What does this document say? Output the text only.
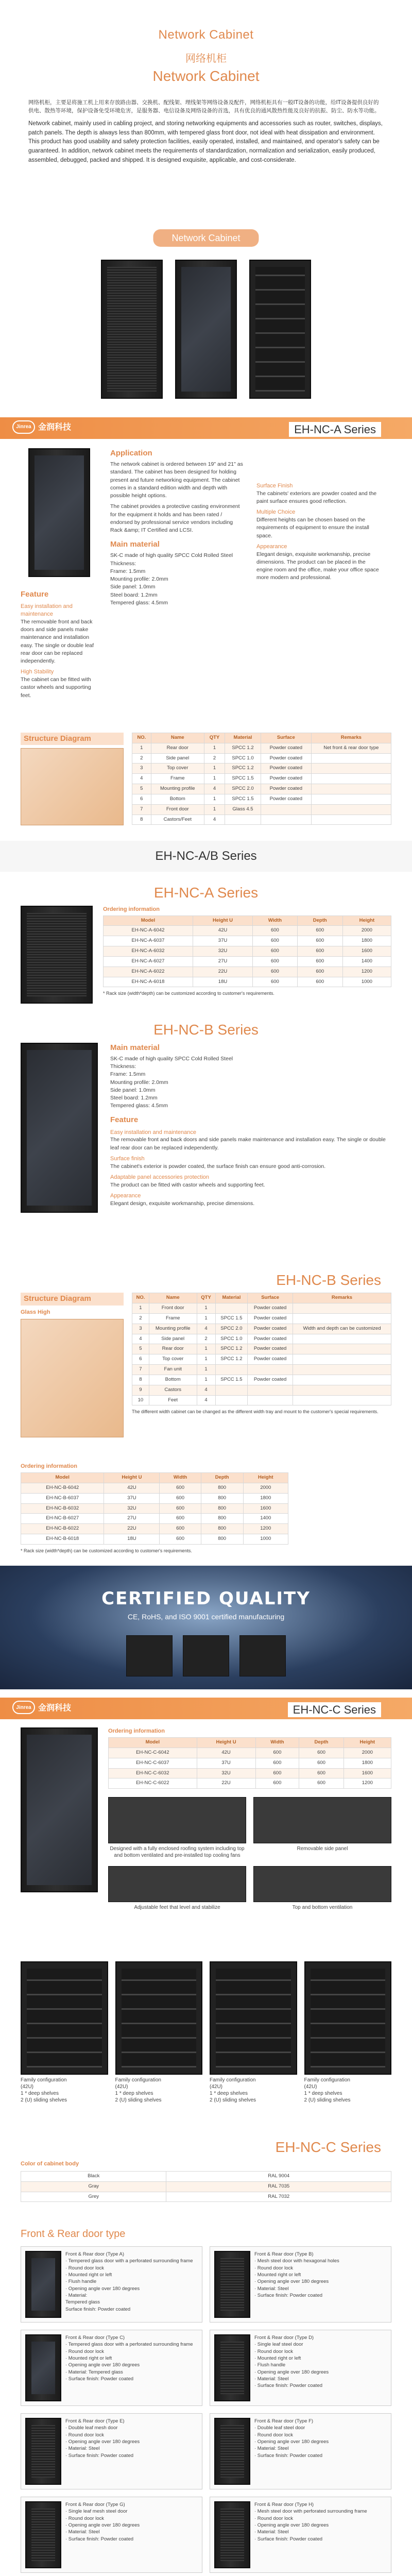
Network Cabinet
网络机柜
Network Cabinet

网络机柜，主要是将施工机上用来存放路由器、交换机、配线架、理线架等网络设备及配件，网络机柜具有一般IT设备的功能，给IT设备提供良好的供电、散热等环境，保护设备免受环境危害，是服务器、电信设备及网络设备的首选，具有优良的通风散热性能及良好的抗振、防尘、防水等功能。

Network cabinet, mainly used in cabling project, and storing networking equipments and accessories such as router, switches, displays, patch panels. The depth is always less than 800mm, with tempered glass front door, not ideal with heat dissipation and environment. This product has good usability and safety protection facilities, easily operated, installed, and maintained, and operator's safety can be guaranteed. In addition, network cabinet meets the requirements of standardization, normalization and serialization, easily produced, assembled, debugged, packed and shipped. It is designed exquisite, applicable, and cost-considerate.

Network Cabinet
Jinrea 金润科技	EH-NC-A Series
Feature
Easy installation and maintenance
The removable front and back doors and side panels make maintenance and installation easy. The single or double leaf rear door can be replaced independently.
High Stability
The cabinet can be fitted with castor wheels and supporting feet.
Application

The network cabinet is ordered between 19" and 21" as standard. The cabinet has been designed for holding present and future networking equipment. The cabinet comes in a standard edition width and depth with possible height options.

The cabinet provides a protective casting environment for the equipment it holds and has been rated / endorsed by professional service vendors including Rack &amp; IT Certified and LCSI.

Main material

SK-C made of high quality SPCC Cold Rolled Steel
Thickness:
Frame: 1.5mm
Mounting profile: 2.0mm
Side panel: 1.0mm
Steel board: 1.2mm
Tempered glass: 4.5mm

Surface Finish

The cabinets' exteriors are powder coated and the paint surface ensures good reflection.

Multiple Choice

Different heights can be chosen based on the requirements of equipment to ensure the install space.

Appearance

Elegant design, exquisite workmanship, precise dimensions. The product can be placed in the engine room and the office, make your office space more modern and professional.

Structure Diagram	NO.	Name	QTY	Material	Surface	Remarks
1	Rear door	1	SPCC 1.2	Powder coated	Net front & rear door type
2	Side panel	2	SPCC 1.0	Powder coated	
3	Top cover	1	SPCC 1.2	Powder coated	
4	Frame	1	SPCC 1.5	Powder coated	
5	Mounting profile	4	SPCC 2.0	Powder coated	
6	Bottom	1	SPCC 1.5	Powder coated	
7	Front door	1	Glass 4.5		
8	Castors/Feet	4			
EH-NC-A/B Series
EH-NC-A Series
Ordering information
Model	Height U	Width	Depth	Height
EH-NC-A-6042	42U	600	600	2000
EH-NC-A-6037	37U	600	600	1800
EH-NC-A-6032	32U	600	600	1600
EH-NC-A-6027	27U	600	600	1400
EH-NC-A-6022	22U	600	600	1200
EH-NC-A-6018	18U	600	600	1000

* Rack size (width*depth) can be customized according to customer's requirements.

EH-NC-B Series
Main material

SK-C made of high quality SPCC Cold Rolled Steel
Thickness:
Frame: 1.5mm
Mounting profile: 2.0mm
Side panel: 1.0mm
Steel board: 1.2mm
Tempered glass: 4.5mm

Feature
Easy installation and maintenance

The removable front and back doors and side panels make maintenance and installation easy. The single or double leaf rear door can be replaced independently.

Surface finish

The cabinet's exterior is powder coated, the surface finish can ensure good anti-corrosion.

Adaptable panel accessories protection

The product can be fitted with castor wheels and supporting feet.

Appearance

Elegant design, exquisite workmanship, precise dimensions.

EH-NC-B Series
Structure Diagram
Glass High
NO.	Name	QTY	Material	Surface	Remarks
1	Front door	1		Powder coated	
2	Frame	1	SPCC 1.5	Powder coated	
3	Mounting profile	4	SPCC 2.0	Powder coated	Width and depth can be customized
4	Side panel	2	SPCC 1.0	Powder coated	
5	Rear door	1	SPCC 1.2	Powder coated	
6	Top cover	1	SPCC 1.2	Powder coated	
7	Fan unit	1			
8	Bottom	1	SPCC 1.5	Powder coated	
9	Castors	4			
10	Feet	4			

The different width cabinet can be changed as the different width tray and mount to the customer's special requirements.

Ordering information
Model	Height U	Width	Depth	Height
EH-NC-B-6042	42U	600	800	2000
EH-NC-B-6037	37U	600	800	1800
EH-NC-B-6032	32U	600	800	1600
EH-NC-B-6027	27U	600	800	1400
EH-NC-B-6022	22U	600	800	1200
EH-NC-B-6018	18U	600	800	1000

* Rack size (width*depth) can be customized according to customer's requirements.

CERTIFIED QUALITY
CE, RoHS, and ISO 9001 certified manufacturing
Jinrea 金润科技	EH-NC-C Series
Ordering information
Model	Height U	Width	Depth	Height
EH-NC-C-6042	42U	600	600	2000
EH-NC-C-6037	37U	600	600	1800
EH-NC-C-6032	32U	600	600	1600
EH-NC-C-6022	22U	600	600	1200
Designed with a fully enclosed roofing system including top and bottom ventilated and pre-installed top cooling fans
Removable side panel
Adjustable feet that level and stabilize	Top and bottom ventilation
Family configuration
(42U)
1 * deep shelves
2 (U) sliding shelves
Family configuration
(42U)
1 * deep shelves
2 (U) sliding shelves
Family configuration
(42U)
1 * deep shelves
2 (U) sliding shelves
Family configuration
(42U)
1 * deep shelves
2 (U) sliding shelves
EH-NC-C Series
Color of cabinet body
Black	RAL 9004
Gray	RAL 7035
Grey	RAL 7032
Front & Rear door type
Front & Rear door (Type A)
· Tempered glass door with a perforated surrounding frame
· Round door lock
· Mounted right or left
· Flush handle
· Opening angle over 180 degrees
· Material:
Tempered glass
Surface finish: Powder coated
Front & Rear door (Type B)
· Mesh steel door with hexagonal holes
· Round door lock
· Mounted right or left
· Opening angle over 180 degrees
· Material: Steel
· Surface finish: Powder coated
Front & Rear door (Type C)
· Tempered glass door with a perforated surrounding frame
· Round door lock
· Mounted right or left
· Opening angle over 180 degrees
· Material: Tempered glass
· Surface finish: Powder coated
Front & Rear door (Type D)
· Single leaf steel door
· Round door lock
· Mounted right or left
· Flush handle
· Opening angle over 180 degrees
· Material: Steel
· Surface finish: Powder coated
Front & Rear door (Type E)
· Double leaf mesh door
· Round door lock
· Opening angle over 180 degrees
· Material: Steel
· Surface finish: Powder coated
Front & Rear door (Type F)
· Double leaf steel door
· Round door lock
· Opening angle over 180 degrees
· Material: Steel
· Surface finish: Powder coated
Front & Rear door (Type G)
· Single leaf mesh steel door
· Round door lock
· Opening angle over 180 degrees
· Material: Steel
· Surface finish: Powder coated
Front & Rear door (Type H)
· Mesh steel door with perforated surrounding frame
· Round door lock
· Opening angle over 180 degrees
· Material: Steel
· Surface finish: Powder coated
